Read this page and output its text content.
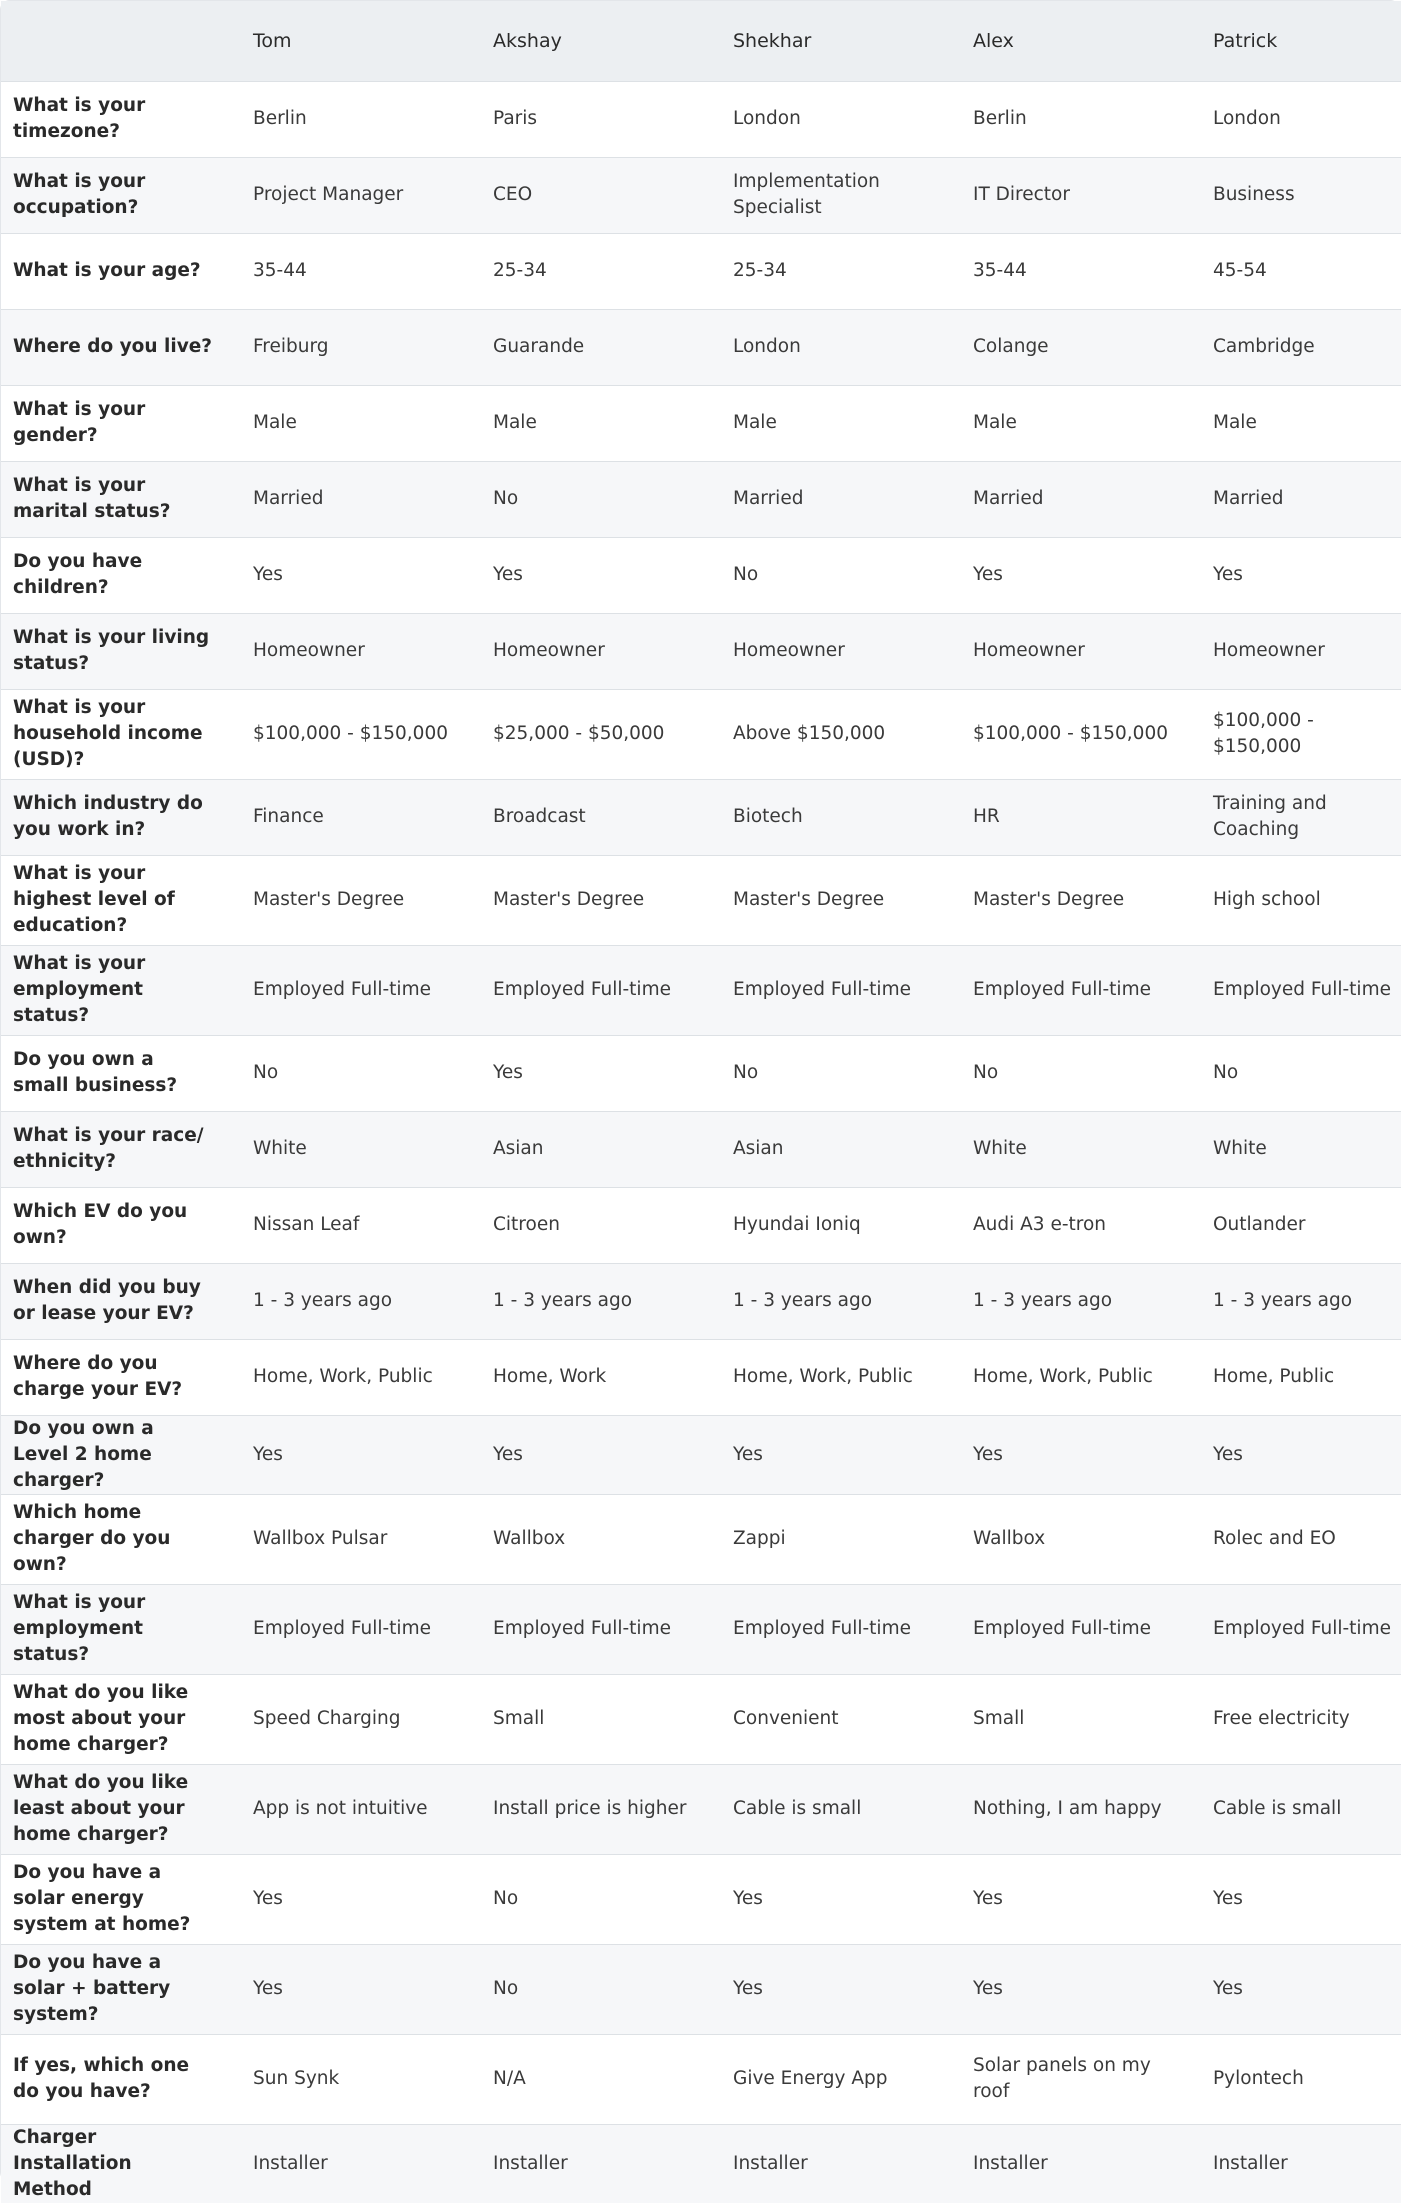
	Tom	Akshay	Shekhar	Alex	Patrick
What is your timezone?	Berlin	Paris	London	Berlin	London
What is your occupation?	Project Manager	CEO	Implementation Specialist	IT Director	Business
What is your age?	35-44	25-34	25-34	35-44	45-54
Where do you live?	Freiburg	Guarande	London	Colange	Cambridge
What is your gender?	Male	Male	Male	Male	Male
What is your marital status?	Married	No	Married	Married	Married
Do you have children?	Yes	Yes	No	Yes	Yes
What is your living status?	Homeowner	Homeowner	Homeowner	Homeowner	Homeowner
What is your household income (USD)?	$100,000 - $150,000	$25,000 - $50,000	Above $150,000	$100,000 - $150,000	$100,000 - $150,000
Which industry do you work in?	Finance	Broadcast	Biotech	HR	Training and Coaching
What is your highest level of education?	Master's Degree	Master's Degree	Master's Degree	Master's Degree	High school
What is your employment status?	Employed Full-time	Employed Full-time	Employed Full-time	Employed Full-time	Employed Full-time
Do you own a small business?	No	Yes	No	No	No
What is your race/ ethnicity?	White	Asian	Asian	White	White
Which EV do you own?	Nissan Leaf	Citroen	Hyundai Ioniq	Audi A3 e-tron	Outlander
When did you buy or lease your EV?	1 - 3 years ago	1 - 3 years ago	1 - 3 years ago	1 - 3 years ago	1 - 3 years ago
Where do you charge your EV?	Home, Work, Public	Home, Work	Home, Work, Public	Home, Work, Public	Home, Public
Do you own a Level 2 home charger?	Yes	Yes	Yes	Yes	Yes
Which home charger do you own?	Wallbox Pulsar	Wallbox	Zappi	Wallbox	Rolec and EO
What is your employment status?	Employed Full-time	Employed Full-time	Employed Full-time	Employed Full-time	Employed Full-time
What do you like most about your home charger?	Speed Charging	Small	Convenient	Small	Free electricity
What do you like least about your home charger?	App is not intuitive	Install price is higher	Cable is small	Nothing, I am happy	Cable is small
Do you have a solar energy system at home?	Yes	No	Yes	Yes	Yes
Do you have a solar + battery system?	Yes	No	Yes	Yes	Yes
If yes, which one do you have?	Sun Synk	N/A	Give Energy App	Solar panels on my roof	Pylontech
Charger Installation Method	Installer	Installer	Installer	Installer	Installer
